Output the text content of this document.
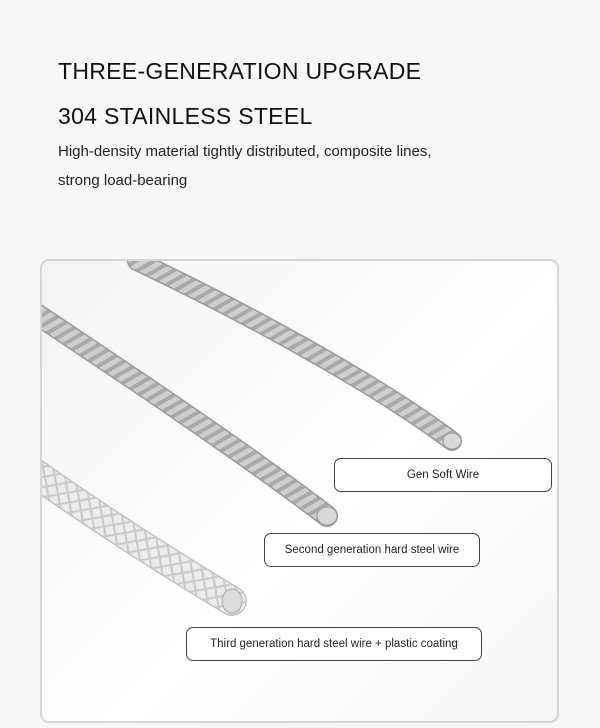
THREE-GENERATION UPGRADE
304 STAINLESS STEEL
High-density material tightly distributed, composite lines,
strong load-bearing
Gen Soft Wire
Second generation hard steel wire
Third generation hard steel wire + plastic coating
